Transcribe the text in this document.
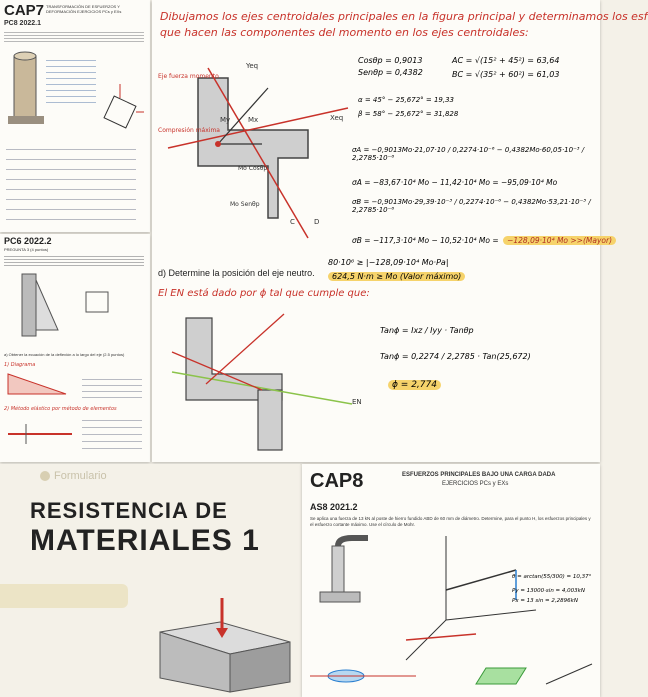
CAP7 TRANSFORMACIÓN DE ESFUERZOS Y DEFORMACIÓN EJERCICIOS PCs y EXs
PC8 2022.1
PC6 2022.2
PREGUNTA 3 (4 puntos)
a) Obtener la ecuación de la deflexión a lo largo del eje (2.5 puntos)
1) Diagrama
2) Método elástico por método de elementos
Dibujamos los ejes centroidales principales en la figura principal y determinamos los esf
que hacen las componentes del momento en los ejes centroidales:
Eje fuerza momento
Compresión máxima
Yeq
Xeq
Mx
My
Mo Cosθp
Mo Senθp
C	D
Cosθp = 0,9013
Senθp = 0,4382
AC = √(15² + 45²) = 63,64
BC = √(35² + 60²) = 61,03
α = 45° − 25,672° = 19,33
β = 58° − 25,672° = 31,828
σA = −0,9013Mo·21,07·10 / 0,2274·10⁻⁶ − 0,4382Mo·60,05·10⁻³ / 2,2785·10⁻⁶
σA = −83,67·10⁴ Mo − 11,42·10⁴ Mo = −95,09·10⁴ Mo
σB = −0,9013Mo·29,39·10⁻³ / 0,2274·10⁻⁶ − 0,4382Mo·53,21·10⁻³ / 2,2785·10⁻⁶
σB = −117,3·10⁴ Mo − 10,52·10⁴ Mo = −128,09·10⁴ Mo >>(Mayor)
80·10⁶ ≥ |−128,09·10⁴ Mo·Pa|
624,5 N·m ≥ Mo (Valor máximo)
d) Determine la posición del eje neutro.
El EN está dado por ϕ tal que cumple que:
EN
Tanϕ = Ixz / Iyy · Tanθp
Tanϕ = 0,2274 / 2,2785 · Tan(25,672)
ϕ = 2,774
Formulario
RESISTENCIA DE
MATERIALES 1
CAP8	ESFUERZOS PRINCIPALES BAJO UNA CARGA DADA
EJERCICIOS PCs y EXs
AS8 2021.2
Se aplica una fuerza de 13 kN al poste de hierro fundido ABD de 60 mm de diámetro. Determine, para el punto H, los esfuerzos principales y el esfuerzo cortante máximo. Use el círculo de Mohr.
θ = arctan(55/300) = 10,37°
Py = 13000·sin = 4,003kN
Px = 13 sin = 2,2896kN
